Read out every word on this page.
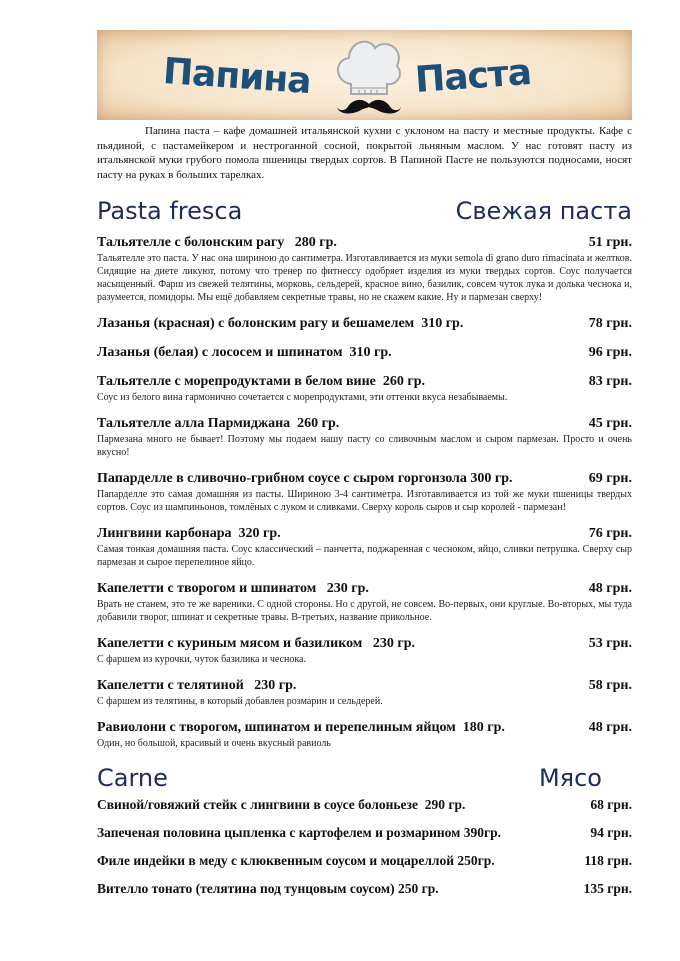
Папина	Паста

Папина паста – кафе домашней итальянской кухни с уклоном на пасту и местные продукты. Кафе с пьядиной, с пастамейкером и нестроганной сосной, покрытой льняным маслом. У нас готовят пасту из итальянской муки грубого помола пшеницы твердых сортов. В Папиной Пасте не пользуются подносами, носят пасту на руках в больших тарелках.

Pasta fresca	Свежая паста
Тальятелле с болонским рагу   280 гр.	51 грн.
Тальятелле это паста. У нас она шириною до сантиметра. Изготавливается из муки semola di grano duro rimacinata и желтков. Сидящие на диете ликуют, потому что тренер по фитнессу одобряет изделия из муки твердых сортов. Соус получается насыщенный. Фарш из свежей телятины, морковь, сельдерей, красное вино, базилик, совсем чуток лука и долька чеснока и, разумеется, помидоры. Мы ещё добавляем секретные травы, но не скажем какие. Ну и пармезан сверху!
Лазанья (красная) с болонским рагу и бешамелем  310 гр.	78 грн.
Лазанья (белая) с лососем и шпинатом  310 гр.	96 грн.
Тальятелле с морепродуктами в белом вине  260 гр.	83 грн.
Соус из белого вина гармонично сочетается с морепродуктами, эти оттенки вкуса незабываемы.
Тальятелле алла Пармиджана  260 гр.	45 грн.
Пармезана много не бывает! Поэтому мы подаем нашу пасту со сливочным маслом и сыром пармезан. Просто и очень вкусно!
Папарделле в сливочно-грибном соусе с сыром горгонзола 300 гр.	69 грн.
Папарделле это самая домашняя из пасты. Шириною 3-4 сантиметра. Изготавливается из той же муки пшеницы твердых сортов. Соус из шампиньонов, томлёных с луком и сливками. Сверху король сыров и сыр королей - пармезан!
Лингвини карбонара  320 гр.	76 грн.
Самая тонкая домашняя паста. Соус классический – панчетта, поджаренная с чесноком, яйцо, сливки петрушка. Сверху сыр пармезан и сырое перепелиное яйцо.
Капелетти с творогом и шпинатом   230 гр.	48 грн.
Врать не станем, это те же вареники. С одной стороны. Но с другой, не совсем. Во-первых, они круглые. Во-вторых, мы туда добавили творог, шпинат и секретные травы. В-третьих, название прикольное.
Капелетти с куриным мясом и базиликом   230 гр.	53 грн.
С фаршем из курочки, чуток базилика и чеснока.
Капелетти с телятиной   230 гр.	58 грн.
С фаршем из телятины, в который добавлен розмарин и сельдерей.
Равиолони с творогом, шпинатом и перепелиным яйцом  180 гр.	48 грн.
Один, но большой, красивый и очень вкусный равиоль
Carne	Мясо
Свиной/говяжий стейк с лингвини в соусе болоньезе  290 гр.	68 грн.
Запеченая половина цыпленка с картофелем и розмарином 390гр.	94 грн.
Филе индейки в меду с клюквенным соусом и моцареллой 250гр.	118 грн.
Вителло тонато (телятина под тунцовым соусом) 250 гр.	135 грн.
